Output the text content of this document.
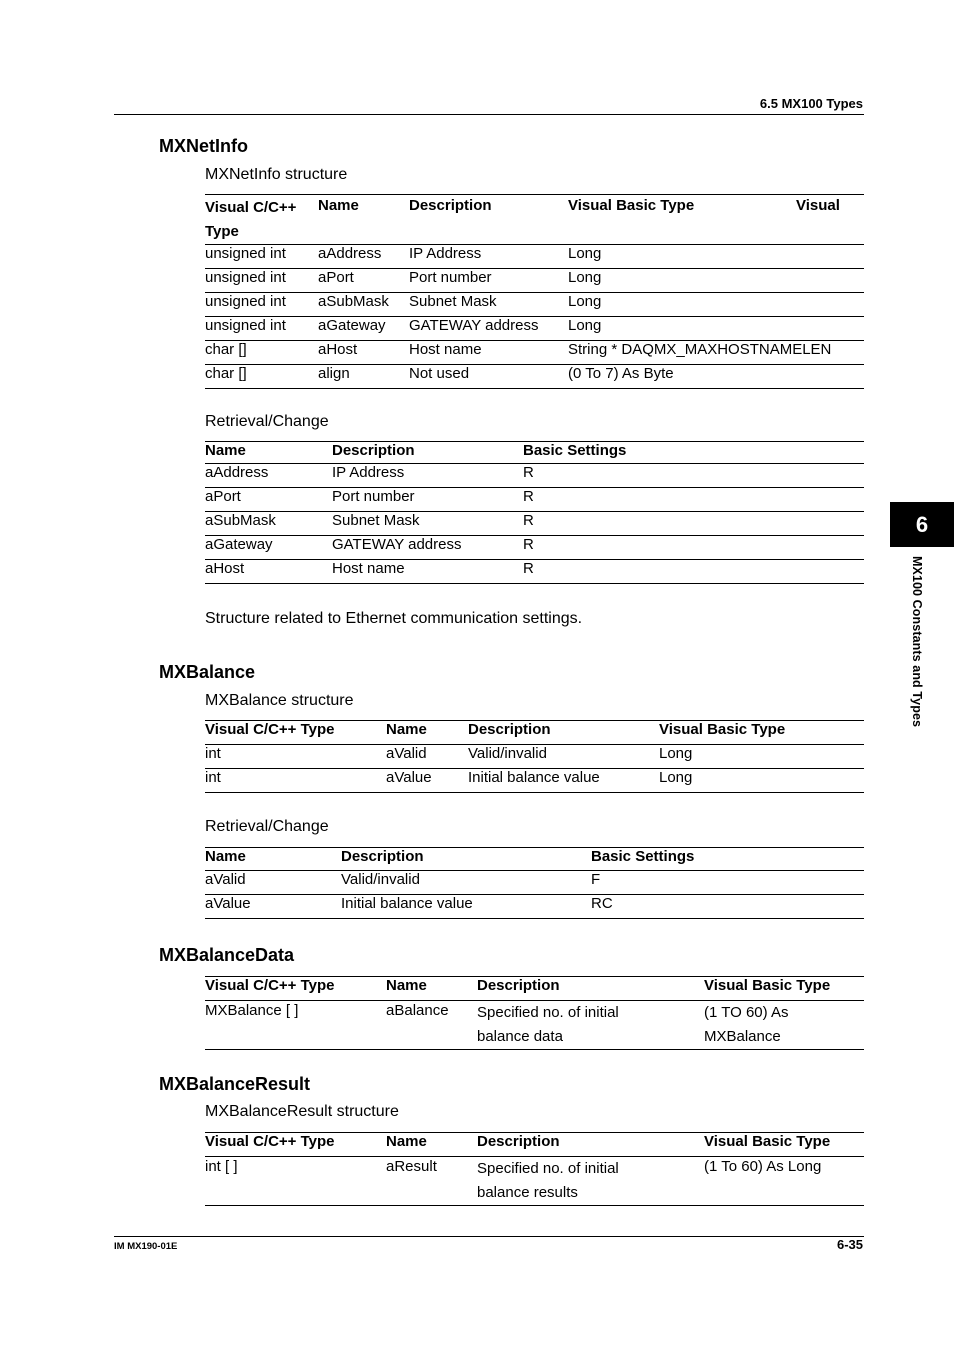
6.5 MX100 Types
6
MX100 Constants and Types
MXNetInfo
MXNetInfo structure
Visual C/C++ Type	Name	Description	Visual Basic Type	Visual
unsigned int	aAddress	IP Address	Long	
unsigned int	aPort	Port number	Long	
unsigned int	aSubMask	Subnet Mask	Long	
unsigned int	aGateway	GATEWAY address	Long	
char []	aHost	Host name	String * DAQMX_MAXHOSTNAMELEN	
char []	align	Not used	(0 To 7) As Byte	
Retrieval/Change
Name	Description	Basic Settings
aAddress	IP Address	R
aPort	Port number	R
aSubMask	Subnet Mask	R
aGateway	GATEWAY address	R
aHost	Host name	R
Structure related to Ethernet communication settings.
MXBalance
MXBalance structure
Visual C/C++ Type	Name	Description	Visual Basic Type
int	aValid	Valid/invalid	Long
int	aValue	Initial balance value	Long
Retrieval/Change
Name	Description	Basic Settings
aValid	Valid/invalid	F
aValue	Initial balance value	RC
MXBalanceData
Visual C/C++ Type	Name	Description	Visual Basic Type
MXBalance [ ]	aBalance	Specified no. of initial balance data	(1 TO 60) As MXBalance
MXBalanceResult
MXBalanceResult structure
Visual C/C++ Type	Name	Description	Visual Basic Type
int [ ]	aResult	Specified no. of initial balance results	(1 To 60) As Long
IM MX190-01E	6-35
